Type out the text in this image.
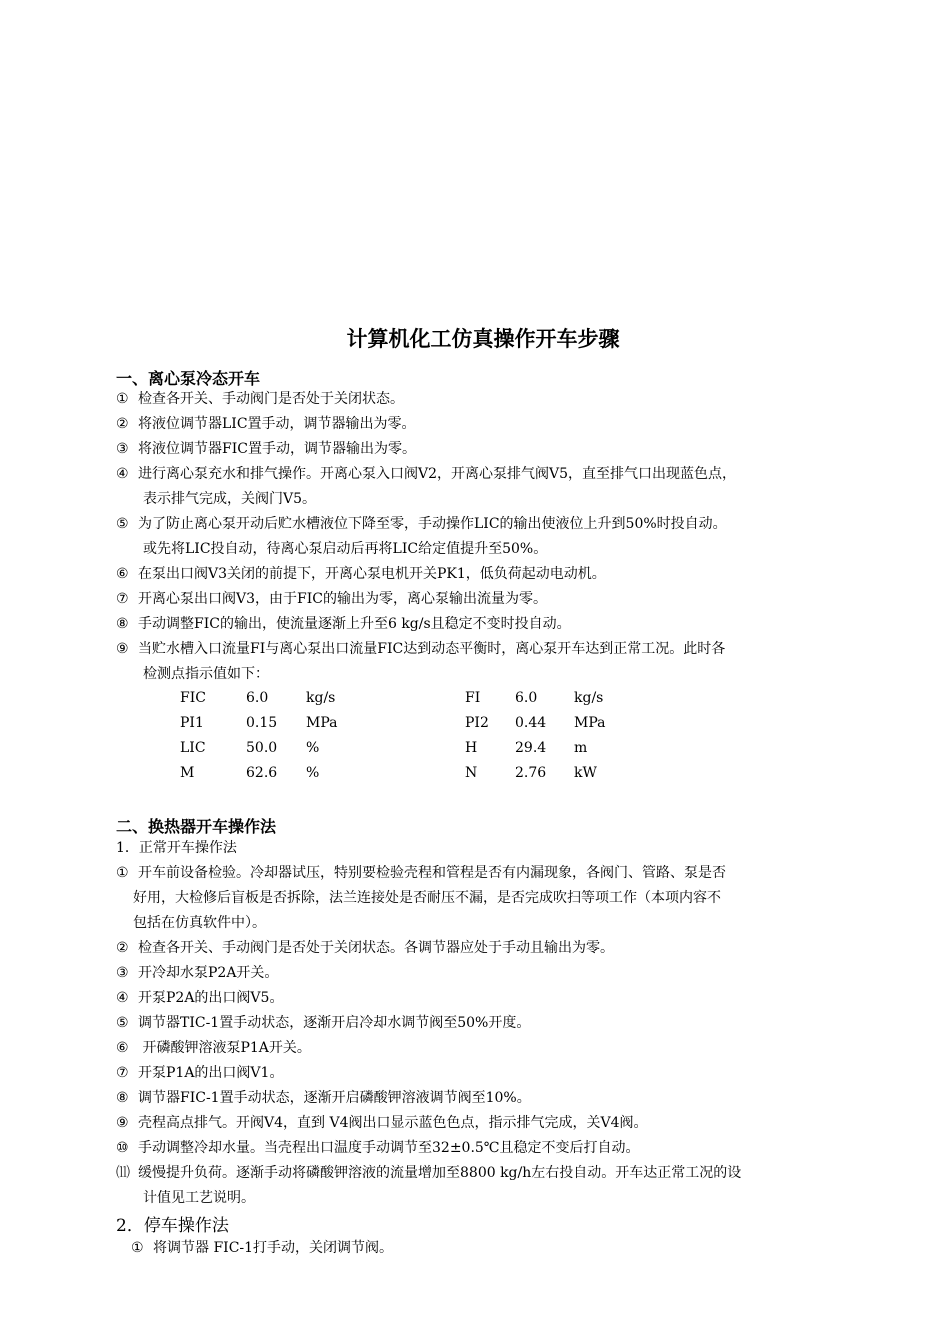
计算机化工仿真操作开车步骤
一、离心泵冷态开车
① 检查各开关、手动阀门是否处于关闭状态。
② 将液位调节器LIC置手动，调节器输出为零。
③ 将液位调节器FIC置手动，调节器输出为零。
④ 进行离心泵充水和排气操作。开离心泵入口阀V2，开离心泵排气阀V5，直至排气口出现蓝色点，
表示排气完成，关阀门V5。
⑤ 为了防止离心泵开动后贮水槽液位下降至零，手动操作LIC的输出使液位上升到50%时投自动。
或先将LIC投自动，待离心泵启动后再将LIC给定值提升至50%。
⑥ 在泵出口阀V3关闭的前提下，开离心泵电机开关PK1，低负荷起动电动机。
⑦ 开离心泵出口阀V3，由于FIC的输出为零，离心泵输出流量为零。
⑧ 手动调整FIC的输出，使流量逐渐上升至6 kg/s且稳定不变时投自动。
⑨ 当贮水槽入口流量FI与离心泵出口流量FIC达到动态平衡时，离心泵开车达到正常工况。此时各
检测点指示值如下：
FIC	6.0	kg/s	FI 6.0	kg/s
PI1	0.15 MPa	PI2 0.44 MPa
LIC	50.0 %	H	29.4 m
M	62.6 %	N	2.76 kW
二、换热器开车操作法
1．正常开车操作法
① 开车前设备检验。冷却器试压，特别要检验壳程和管程是否有内漏现象，各阀门、管路、泵是否
好用，大检修后盲板是否拆除，法兰连接处是否耐压不漏，是否完成吹扫等项工作（本项内容不
包括在仿真软件中）。
② 检查各开关、手动阀门是否处于关闭状态。各调节器应处于手动且输出为零。
③ 开冷却水泵P2A开关。
④ 开泵P2A的出口阀V5。
⑤ 调节器TIC-1置手动状态，逐渐开启冷却水调节阀至50%开度。
⑥ 开磷酸钾溶液泵P1A开关。
⑦ 开泵P1A的出口阀V1。
⑧ 调节器FIC-1置手动状态，逐渐开启磷酸钾溶液调节阀至10%。
⑨ 壳程高点排气。开阀V4，直到 V4阀出口显示蓝色色点，指示排气完成，关V4阀。
⑩ 手动调整冷却水量。当壳程出口温度手动调节至32±0.5℃且稳定不变后打自动。
⑾ 缓慢提升负荷。逐渐手动将磷酸钾溶液的流量增加至8800 kg/h左右投自动。开车达正常工况的设
计值见工艺说明。
2．停车操作法
① 将调节器 FIC-1打手动，关闭调节阀。
